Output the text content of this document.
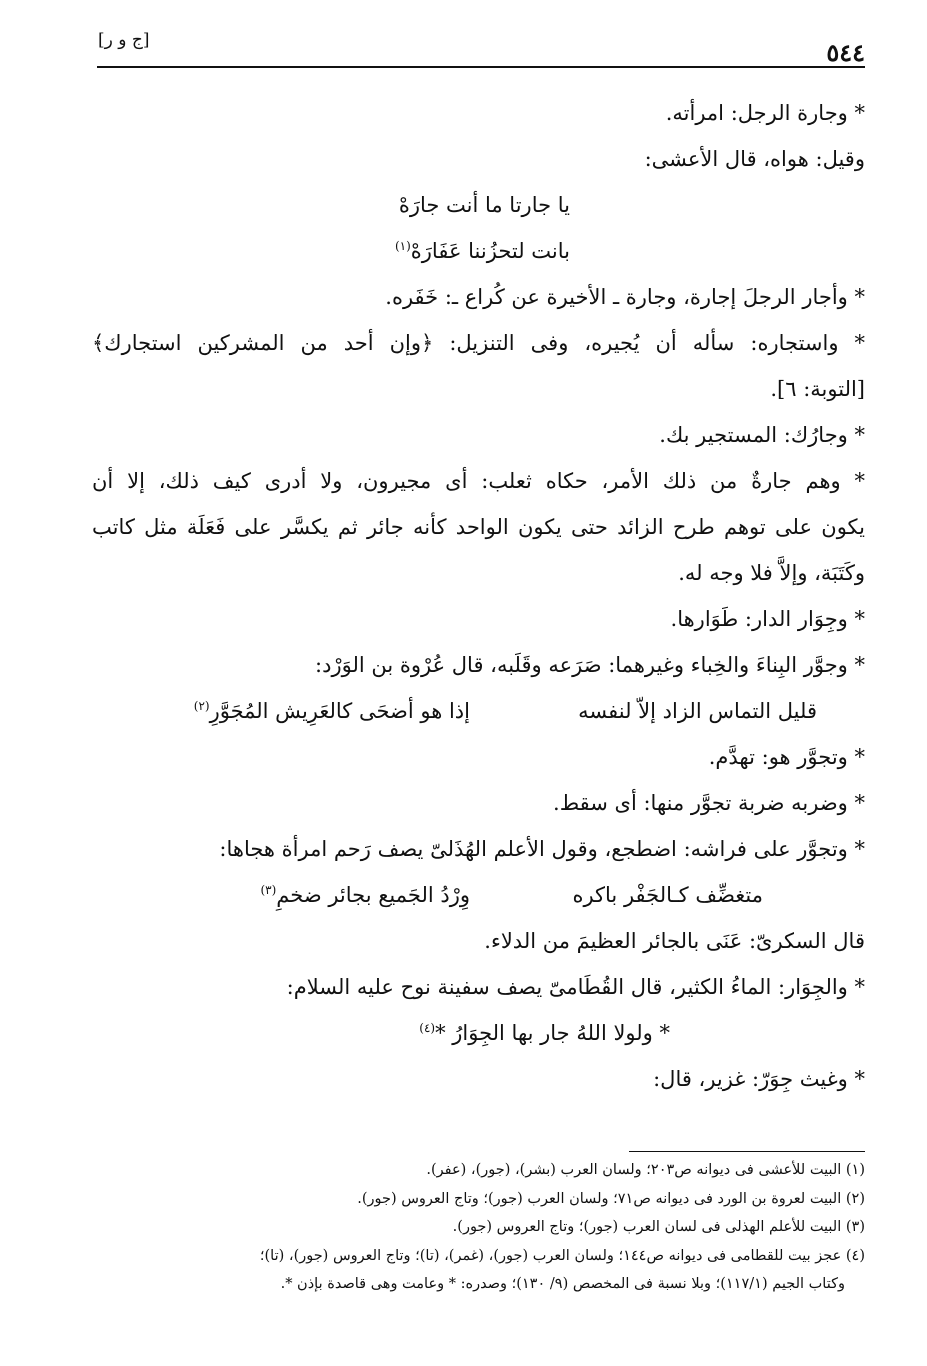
٥٤٤
[ج و ر]
* وجارة الرجل: امرأته.
وقيل: هواه، قال الأعشى:
يا جارتا ما أنت جارَهْ
بانت لتحزُننا عَفَارَهْ$^{(١)}$
* وأجار الرجلَ إجارة، وجارة ـ الأخيرة عن كُراع ـ: خَفَره.
* واستجاره: سأله أن يُجيره، وفى التنزيل: ﴿وإن أحد من المشركين استجارك﴾
[التوبة: ٦].
* وجارُك: المستجير بك.
* وهم جارةٌ من ذلك الأمر، حكاه ثعلب: أى مجيرون، ولا أدرى كيف ذلك، إلا أن
يكون على توهم طرح الزائد حتى يكون الواحد كأنه جائر ثم يكسَّر على فَعَلَة مثل كاتب
وكَتَبَة، وإلاَّ فلا وجه له.
* وجِوَار الدار: طَوَارها.
* وجوَّر البِناءَ والخِباء وغيرهما: صَرَعه وقَلَبه، قال عُرْوة بن الوَرْد:
قليل التماس الزاد إلاّ لنفسه
إذا هو أضحَى كالعَرِيش المُجَوَّرِ$^{(٢)}$
* وتجوَّر هو: تهدَّم.
* وضربه ضربة تجوَّر منها: أى سقط.
* وتجوَّر على فراشه: اضطجع، وقول الأعلم الهُذَلىّ يصف رَحم امرأة هجاها:
متغضِّف كـالجَفْر باكره
وِرْدُ الجَميع بجائر ضخمِ$^{(٣)}$
قال السكرىّ: عَنَى بالجائر العظيمَ من الدلاء.
* والجِوَار: الماءُ الكثير، قال القُطَامىّ يصف سفينة نوح عليه السلام:
* ولولا اللهُ جار بها الجِوَارُ *$^{(٤)}$
* وغيث جِوَرّ: غزير، قال:
(١) البيت للأعشى فى ديوانه ص٢٠٣؛ ولسان العرب (بشر)، (جور)، (عفر).
(٢) البيت لعروة بن الورد فى ديوانه ص٧١؛ ولسان العرب (جور)؛ وتاج العروس (جور).
(٣) البيت للأعلم الهذلى فى لسان العرب (جور)؛ وتاج العروس (جور).
(٤) عجز بيت للقطامى فى ديوانه ص١٤٤؛ ولسان العرب (جور)، (غمر)، (تا)؛ وتاج العروس (جور)، (تا)؛
وكتاب الجيم (١١٧/١)؛ وبلا نسبة فى المخصص (٩/ ١٣٠)؛ وصدره: * وعامت وهى قاصدة بإذن *.
